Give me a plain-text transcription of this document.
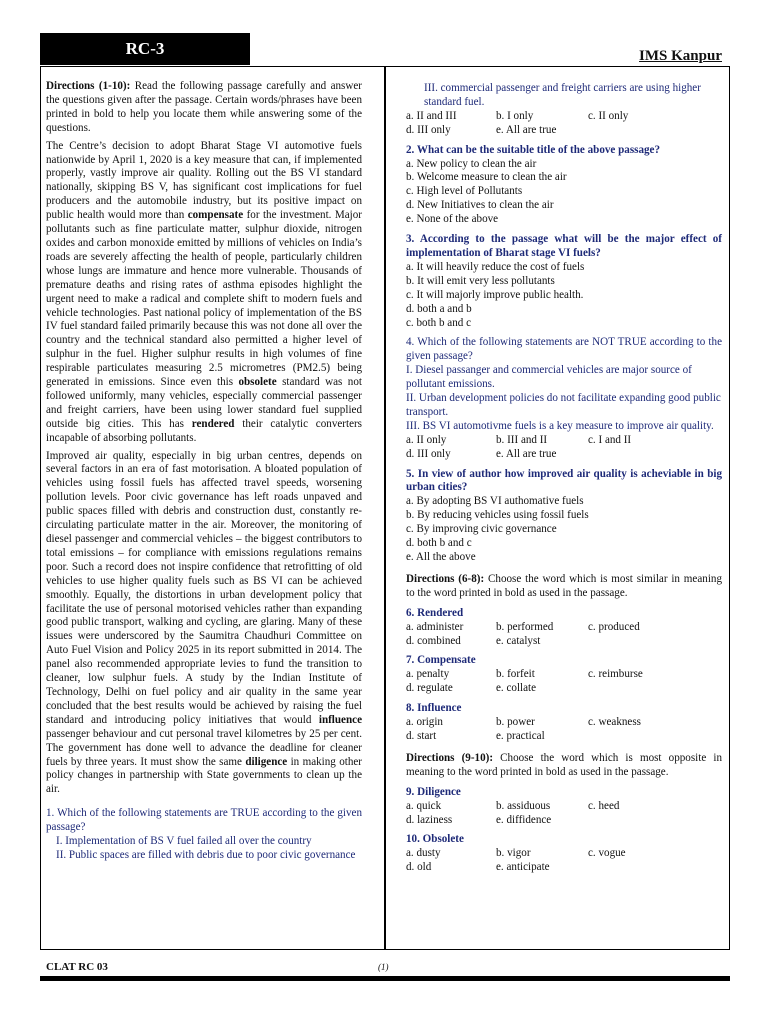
RC-3	IMS Kanpur

Directions (1-10): Read the following passage carefully and answer the questions given after the passage. Certain words/phrases have been printed in bold to help you locate them while answering some of the questions.

The Centre’s decision to adopt Bharat Stage VI automotive fuels nationwide by April 1, 2020 is a key measure that can, if implemented properly, vastly improve air quality. Rolling out the BS VI standard nationally, skipping BS V, has significant cost implications for fuel producers and the automobile industry, but its positive impact on public health would more than compensate for the investment. Major pollutants such as fine particulate matter, sulphur dioxide, nitrogen oxides and carbon monoxide emitted by millions of vehicles on India’s roads are severely affecting the health of people, particularly children whose lungs are immature and hence more vulnerable. Thousands of premature deaths and rising rates of asthma episodes highlight the urgent need to make a radical and complete shift to modern fuels and vehicle technologies. Past national policy of implementation of the BS IV fuel standard failed primarily because this was not done all over the country and the technical standard also permitted a higher level of sulphur in the fuel. Higher sulphur results in high volumes of fine respirable particulates measuring 2.5 micrometres (PM2.5) being generated in emissions. Since even this obsolete standard was not followed uniformly, many vehicles, especially commercial passenger and freight carriers, have been using lower standard fuel supplied outside big cities. This has rendered their catalytic converters incapable of absorbing pollutants.

Improved air quality, especially in big urban centres, depends on several factors in an era of fast motorisation. A bloated population of vehicles using fossil fuels has affected travel speeds, worsening pollution levels. Poor civic governance has left roads unpaved and public spaces filled with debris and construction dust, constantly re-circulating particulate matter in the air. Moreover, the monitoring of diesel passenger and commercial vehicles – the biggest contributors to total emissions – for compliance with emissions regulations remains poor. Such a record does not inspire confidence that retrofitting of old vehicles to use higher quality fuels such as BS VI can be achieved smoothly. Equally, the distortions in urban development policy that facilitate the use of personal motorised vehicles rather than expanding good public transport, walking and cycling, are glaring. Many of these issues were underscored by the Saumitra Chaudhuri Committee on Auto Fuel Vision and Policy 2025 in its report submitted in 2014. The panel also recommended appropriate levies to fund the transition to cleaner, low sulphur fuels. A study by the Indian Institute of Technology, Delhi on fuel policy and air quality in the same year concluded that the best results would be achieved by raising the fuel standard and introducing policy initiatives that would influence passenger behaviour and cut personal travel kilometres by 25 per cent. The government has done well to advance the deadline for cleaner fuels by three years. It must show the same diligence in making other policy changes in partnership with State governments to clean up the air.

1. Which of the following statements are TRUE according to the given passage?
I. Implementation of BS V fuel failed all over the country
II. Public spaces are filled with debris due to poor civic governance
III. commercial passenger and freight carriers are using higher standard fuel.
a. II and III	b. I only	c. II only
d. III only	e. All are true
2. What can be the suitable title of the above passage?
a. New policy to clean the air
b. Welcome measure to clean the air
c. High level of Pollutants
d. New Initiatives to clean the air
e. None of the above
3. According to the passage what will be the major effect of implementation of Bharat stage VI fuels?
a. It will heavily reduce the cost of fuels
b. It will emit very less pollutants
c. It will majorly improve public health.
d. both a and b
c. both b and c
4. Which of the following statements are NOT TRUE according to the given passage?
I. Diesel passanger and commercial vehicles are major source of pollutant emissions.
II. Urban development policies do not facilitate expanding good public transport.
III. BS VI automotivme fuels is a key measure to improve air quality.
a. II only	b. III and II	c. I and II
d. III only	e. All are true
5. In view of author how improved air quality is acheviable in big urban cities?
a. By adopting BS VI authomative fuels
b. By reducing vehicles using fossil fuels
c. By improving civic governance
d. both b and c
e. All the above

Directions (6-8): Choose the word which is most similar in meaning to the word printed in bold as used in the passage.

6. Rendered
a. administer	b. performed	c. produced
d. combined	e. catalyst
7. Compensate
a. penalty	b. forfeit	c. reimburse
d. regulate	e. collate
8. Influence
a. origin	b. power	c. weakness
d. start	e. practical

Directions (9-10): Choose the word which is most opposite in meaning to the word printed in bold as used in the passage.

9. Diligence
a. quick	b. assiduous	c. heed
d. laziness	e. diffidence
10. Obsolete
a. dusty	b. vigor	c. vogue
d. old	e. anticipate
CLAT RC 03	(1)
